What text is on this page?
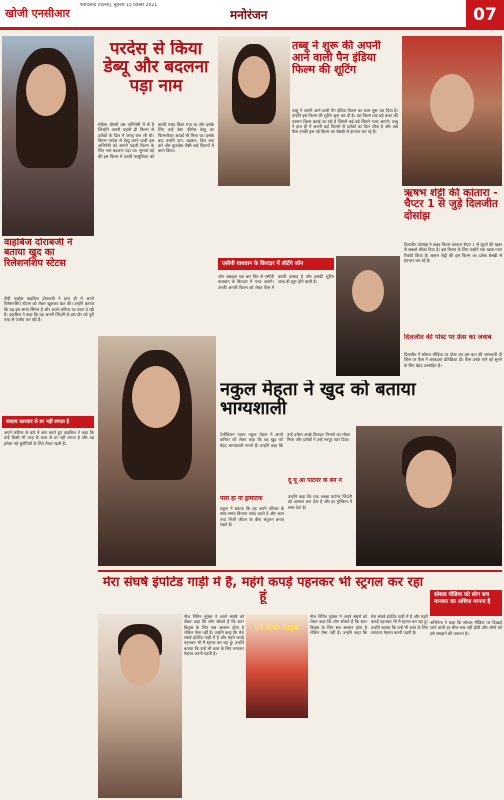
खोजी एनसीआर
फरीदाबाद (दिल्ली), बुधवार 15 दिसंबर 2021
मनोरंजन	07
वाहबिज दोराबजी ने बताया खुद का रिलेशनशिप स्टेटस
टीवी एक्ट्रेस वाहबिज दोराबजी ने हाल ही में अपने रिलेशनशिप स्टेटस को लेकर खुलकर बात की। उन्होंने बताया कि वह इस समय सिंगल हैं और अपने करियर पर ध्यान दे रही हैं। वाहबिज ने कहा कि वह अपनी जिंदगी के इस दौर को पूरी तरह से एंजॉय कर रही हैं।
स्वदाय कारवार से डर नहीं लगता है
अपने करियर के बारे में बात करते हुए वाहबिज ने कहा कि उन्हें किसी भी तरह के काम से डर नहीं लगता है और वह हमेशा नई चुनौतियों के लिए तैयार रहती हैं।
परदेस से किया डेब्यू और बदलना पड़ा नाम
महिमा चौधरी उस अभिनेत्री में से हैं जिन्होंने अपनी पहली ही फिल्म से दर्शकों के दिल में जगह बना ली थी। फिल्म परदेस से डेब्यू करने वाली इस अभिनेत्री को अपनी पहली फिल्म के लिए नाम बदलना पड़ा था। सुभाष घई की इस फिल्म में उनकी मासूमियत को काफी पसंद किया गया था और इसके लिए उन्हें बेस्ट फीमेल डेब्यू का फिल्मफेयर अवार्ड भी मिला था। इसके बाद उन्होंने दाग, धड़कन, दिल क्या करे और कुरुक्षेत्र जैसी कई फिल्मों में काम किया।
तब्बू ने शुरू की अपनी आने वाली पैन इंडिया फिल्म की शूटिंग
तब्बू ने अपनी आने वाली पैन इंडिया फिल्म का काम शुरू कर दिया है। उन्होंने इस फिल्म की शूटिंग शुरू कर दी है। यह फिल्म एक बड़े बजट की एक्शन थ्रिलर बताई जा रही है जिसमें कई बड़े सितारे नजर आएंगे। तब्बू ने हाल ही में अपनी कई फिल्मों से दर्शकों का दिल जीता है और अब फैंस उनकी इस नई फिल्म का बेसब्री से इंतजार कर रहे हैं।
ऋषभ शेट्टी की कांतारा - चैप्टर 1 से जुड़े दिलजीत दोसांझ
दिलजीत दोसांझ ने कन्नड़ फिल्म कांतारा चैप्टर 1 से जुड़ने की खबर से सबको चौंका दिया है। इस फिल्म के लिए उन्होंने एक खास गाना रिकॉर्ड किया है। ऋषभ शेट्टी की इस फिल्म का दर्शक बेसब्री से इंतजार कर रहे हैं।
दिलजीत की पोस्ट पर फ्रेंस का जवाब
दिलजीत ने सोशल मीडिया पर पोस्ट कर इस बात की जानकारी दी जिस पर फैंस ने जबरदस्त प्रतिक्रिया दी। फैंस उनके गाने को सुनने के लिए बेहद उत्साहित हैं।
एसीपी वाधवान के किरदार में लौटेंगे जॉन
जॉन अब्राहम एक बार फिर से एसीपी वाधवान के किरदार में नजर आएंगे। उनकी अगली फिल्म को लेकर फैंस में काफी उत्साह है और इसकी शूटिंग जल्द ही शुरू होने वाली है।
नकुल मेहता ने खुद को बताया भाग्यशाली
टेलीविजन एक्टर नकुल मेहता ने अपने करियर को लेकर कहा कि वह खुद को बेहद भाग्यशाली मानते हैं। उन्होंने कहा कि उन्हें हमेशा अच्छे किरदार निभाने का मौका मिला और दर्शकों ने उन्हें भरपूर प्यार दिया।
पैसा हो नो ड्रामेटिक
नकुल ने बताया कि वह अपने परिवार के साथ समय बिताना पसंद करते हैं और काम तथा निजी जीवन के बीच संतुलन बनाए रखते हैं।
दू यू आ पार्टनर के बने ने
उन्होंने कहा कि एक अच्छा पार्टनर जिंदगी को आसान बना देता है और हर मुश्किल में साथ देता है।
मेरा संघर्ष इंपोर्टेड गाड़ी में है, महंगे कपड़े पहनकर भी स्ट्रगल कर रहा हूं
नील नितिन मुकेश ने अपने संघर्ष को लेकर कहा कि लोग सोचते हैं कि स्टार किड्स के लिए सब आसान होता है लेकिन ऐसा नहीं है। उन्होंने कहा कि मेरा संघर्ष इंपोर्टेड गाड़ी में है और महंगे कपड़े पहनकर भी मैं स्ट्रगल कर रहा हूं। उन्होंने बताया कि उन्हें भी काम के लिए लगातार मेहनत करनी पड़ती है।
एन कथेर नाइक
नील नितिन मुकेश ने अपने संघर्ष को लेकर कहा कि लोग सोचते हैं कि स्टार किड्स के लिए सब आसान होता है लेकिन ऐसा नहीं है। उन्होंने कहा कि मेरा संघर्ष इंपोर्टेड गाड़ी में है और महंगे कपड़े पहनकर भी मैं स्ट्रगल कर रहा हूं। उन्होंने बताया कि उन्हें भी काम के लिए लगातार मेहनत करनी पड़ती है।
सोशल मीडिया को लोग सच मानकर का अधिया मानना है
अभिनेता ने कहा कि सोशल मीडिया पर दिखाई जाने वाली हर चीज सच नहीं होती और लोगों को इसे समझने की जरूरत है।
